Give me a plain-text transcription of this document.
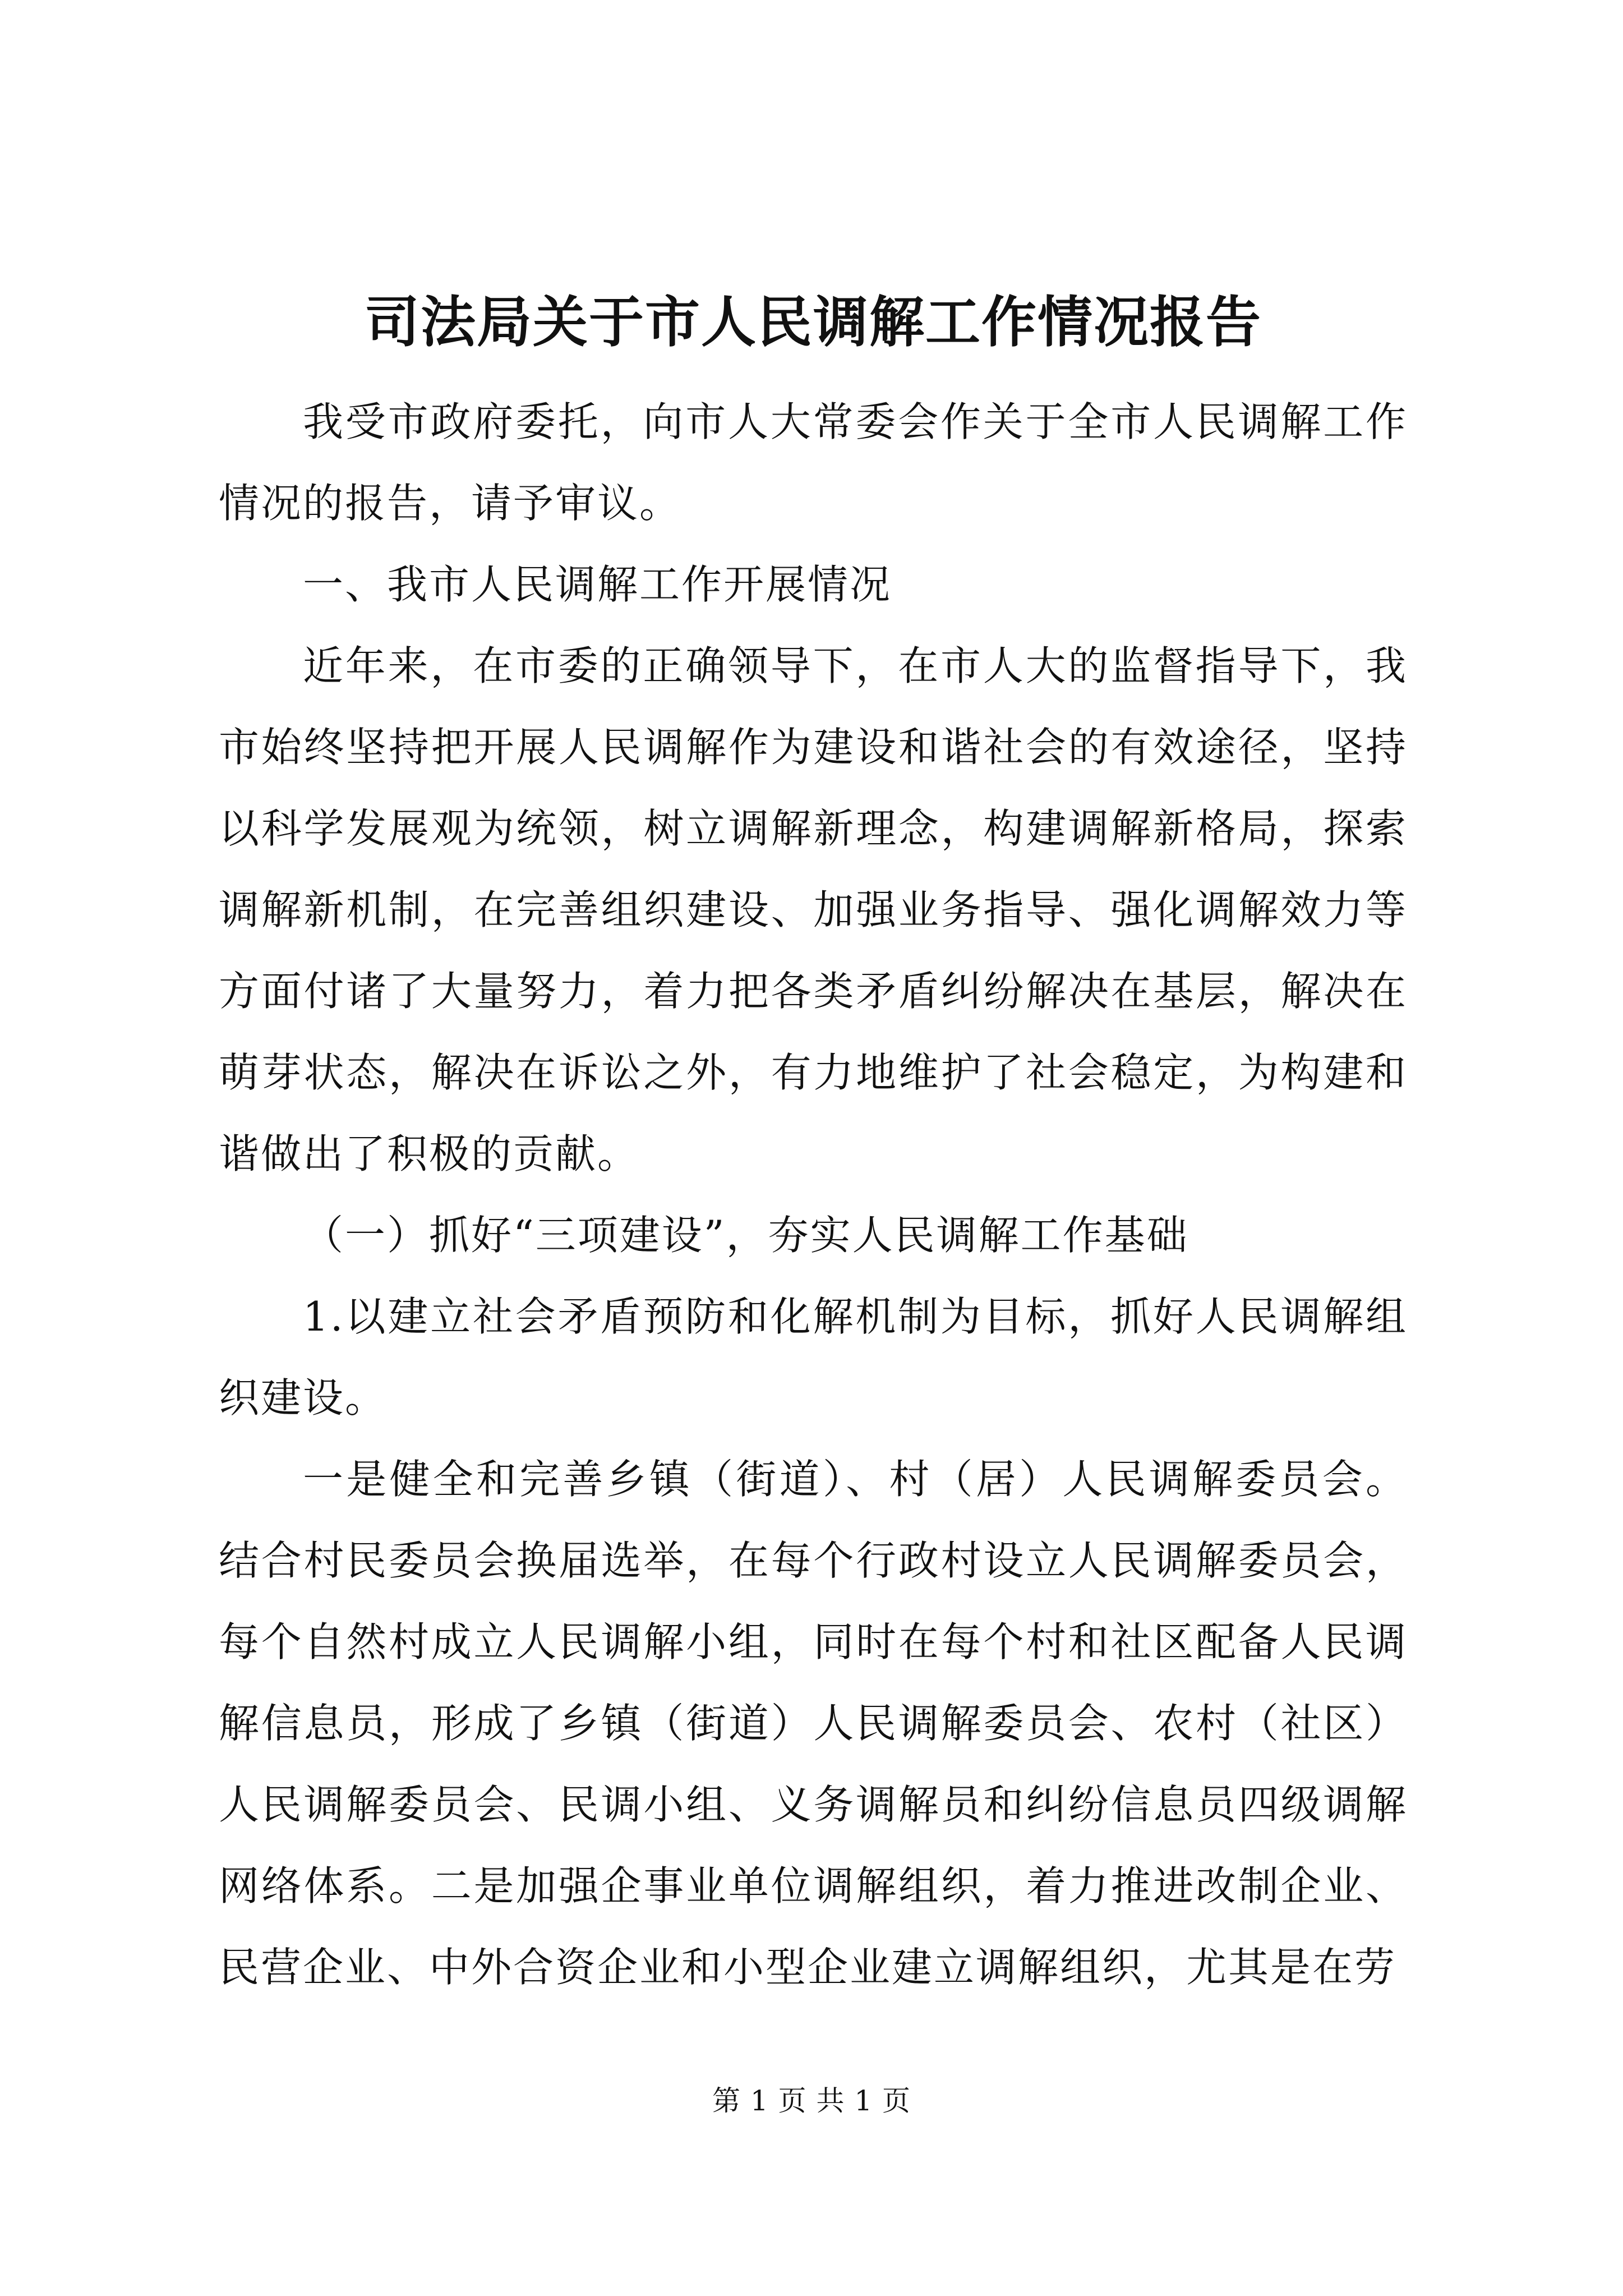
司法局关于市人民调解工作情况报告

我受市政府委托，向市人大常委会作关于全市人民调解工作情况的报告，请予审议。

一、我市人民调解工作开展情况

近年来，在市委的正确领导下，在市人大的监督指导下，我市始终坚持把开展人民调解作为建设和谐社会的有效途径，坚持以科学发展观为统领，树立调解新理念，构建调解新格局，探索调解新机制，在完善组织建设、加强业务指导、强化调解效力等方面付诸了大量努力，着力把各类矛盾纠纷解决在基层，解决在萌芽状态，解决在诉讼之外，有力地维护了社会稳定，为构建和谐做出了积极的贡献。

（一）抓好“三项建设”，夯实人民调解工作基础

1.以建立社会矛盾预防和化解机制为目标，抓好人民调解组织建设。

一是健全和完善乡镇（街道）、村（居）人民调解委员会。结合村民委员会换届选举，在每个行政村设立人民调解委员会，每个自然村成立人民调解小组，同时在每个村和社区配备人民调解信息员，形成了乡镇（街道）人民调解委员会、农村（社区）人民调解委员会、民调小组、义务调解员和纠纷信息员四级调解网络体系。二是加强企事业单位调解组织，着力推进改制企业、民营企业、中外合资企业和小型企业建立调解组织，尤其是在劳

第 1 页 共 1 页
